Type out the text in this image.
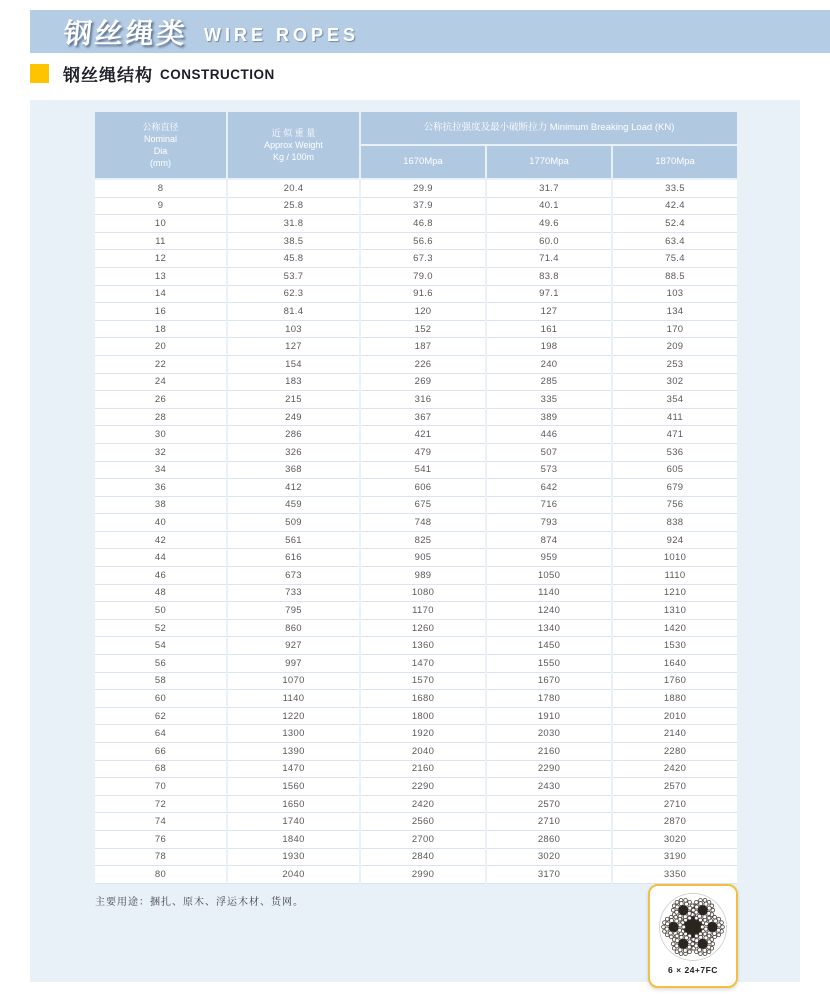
钢丝绳类 WIRE ROPES
钢丝绳结构 CONSTRUCTION
公称直径
Nominal
Dia
(mm)
近 似 重 量
Approx Weight
Kg / 100m
公称抗拉强度及最小破断拉力 Minimum Breaking Load (KN)
1670Mpa	1770Mpa	1870Mpa
8	20.4	29.9	31.7	33.5
9	25.8	37.9	40.1	42.4
10	31.8	46.8	49.6	52.4
11	38.5	56.6	60.0	63.4
12	45.8	67.3	71.4	75.4
13	53.7	79.0	83.8	88.5
14	62.3	91.6	97.1	103
16	81.4	120	127	134
18	103	152	161	170
20	127	187	198	209
22	154	226	240	253
24	183	269	285	302
26	215	316	335	354
28	249	367	389	411
30	286	421	446	471
32	326	479	507	536
34	368	541	573	605
36	412	606	642	679
38	459	675	716	756
40	509	748	793	838
42	561	825	874	924
44	616	905	959	1010
46	673	989	1050	1110
48	733	1080	1140	1210
50	795	1170	1240	1310
52	860	1260	1340	1420
54	927	1360	1450	1530
56	997	1470	1550	1640
58	1070	1570	1670	1760
60	1140	1680	1780	1880
62	1220	1800	1910	2010
64	1300	1920	2030	2140
66	1390	2040	2160	2280
68	1470	2160	2290	2420
70	1560	2290	2430	2570
72	1650	2420	2570	2710
74	1740	2560	2710	2870
76	1840	2700	2860	3020
78	1930	2840	3020	3190
80	2040	2990	3170	3350
主要用途：捆扎、原木、浮运木材、货网。
6 × 24+7FC
